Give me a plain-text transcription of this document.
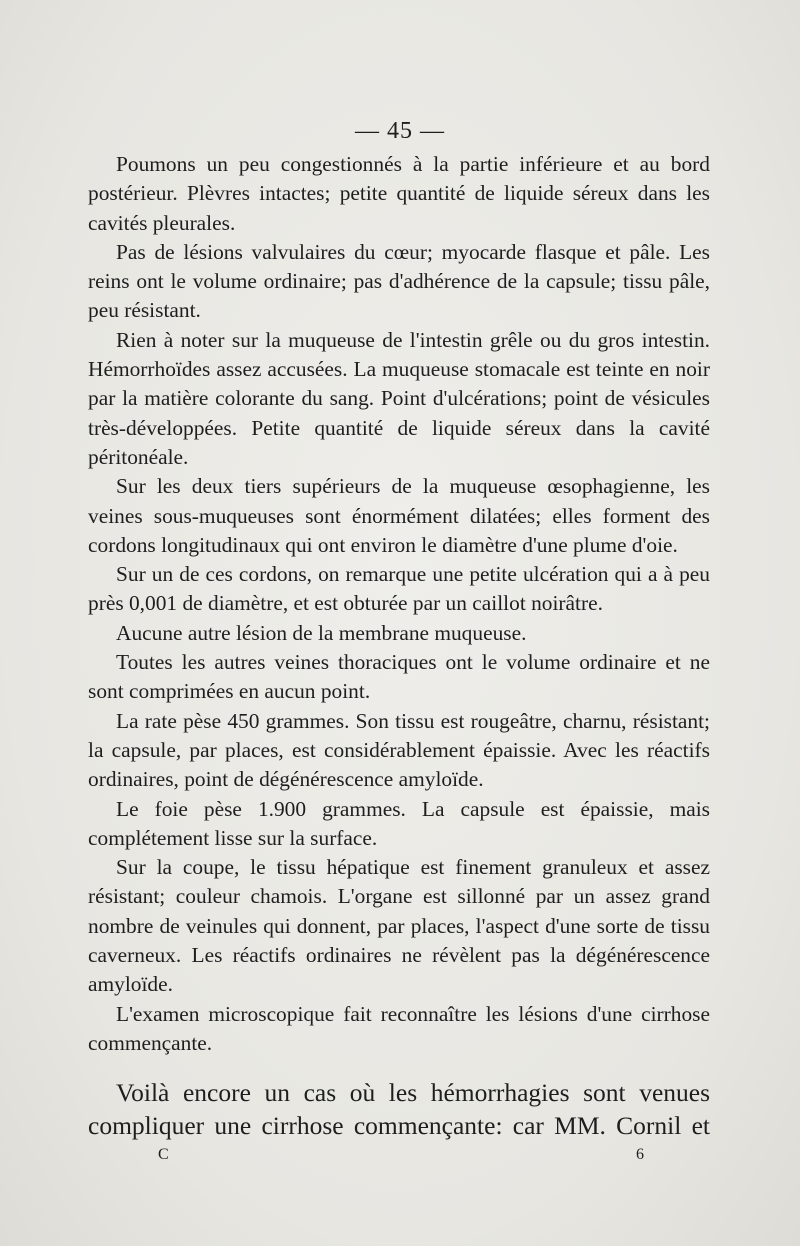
— 45 —

Poumons un peu congestionnés à la partie inférieure et au bord postérieur. Plèvres intactes; petite quantité de liquide séreux dans les cavités pleurales.

Pas de lésions valvulaires du cœur; myocarde flasque et pâle. Les reins ont le volume ordinaire; pas d'adhérence de la capsule; tissu pâle, peu résistant.

Rien à noter sur la muqueuse de l'intestin grêle ou du gros intestin. Hémorrhoïdes assez accusées. La muqueuse stomacale est teinte en noir par la matière colorante du sang. Point d'ulcérations; point de vésicules très-développées. Petite quantité de liquide séreux dans la cavité péritonéale.

Sur les deux tiers supérieurs de la muqueuse œsophagienne, les veines sous-muqueuses sont énormément dilatées; elles forment des cordons longitudinaux qui ont environ le diamètre d'une plume d'oie.

Sur un de ces cordons, on remarque une petite ulcération qui a à peu près 0,001 de diamètre, et est obturée par un caillot noirâtre.

Aucune autre lésion de la membrane muqueuse.

Toutes les autres veines thoraciques ont le volume ordinaire et ne sont comprimées en aucun point.

La rate pèse 450 grammes. Son tissu est rougeâtre, charnu, résistant; la capsule, par places, est considérablement épaissie. Avec les réactifs ordinaires, point de dégénérescence amyloïde.

Le foie pèse 1.900 grammes. La capsule est épaissie, mais complétement lisse sur la surface.

Sur la coupe, le tissu hépatique est finement granuleux et assez résistant; couleur chamois. L'organe est sillonné par un assez grand nombre de veinules qui donnent, par places, l'aspect d'une sorte de tissu caverneux. Les réactifs ordinaires ne révèlent pas la dégénérescence amyloïde.

L'examen microscopique fait reconnaître les lésions d'une cirrhose commençante.

Voilà encore un cas où les hémorrhagies sont venues compliquer une cirrhose commençante: car MM. Cornil et

C	6
